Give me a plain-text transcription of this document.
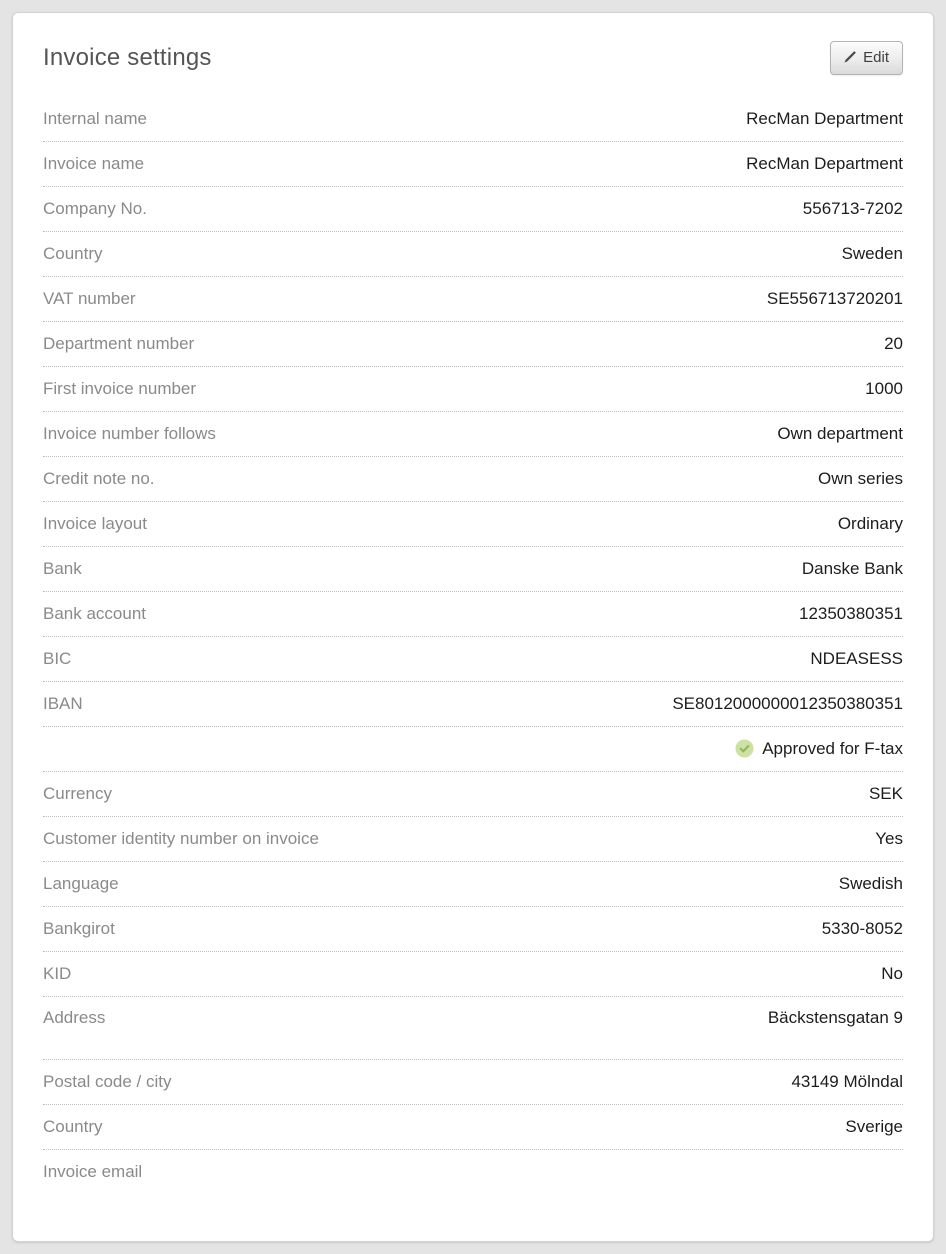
Invoice settings	Edit
Internal name	RecMan Department
Invoice name	RecMan Department
Company No.	556713-7202
Country	Sweden
VAT number	SE556713720201
Department number	20
First invoice number	1000
Invoice number follows	Own department
Credit note no.	Own series
Invoice layout	Ordinary
Bank	Danske Bank
Bank account	12350380351
BIC	NDEASESS
IBAN	SE8012000000012350380351
Approved for F-tax
Currency	SEK
Customer identity number on invoice	Yes
Language	Swedish
Bankgirot	5330-8052
KID	No
Address	Bäckstensgatan 9
Postal code / city	43149 Mölndal
Country	Sverige
Invoice email
